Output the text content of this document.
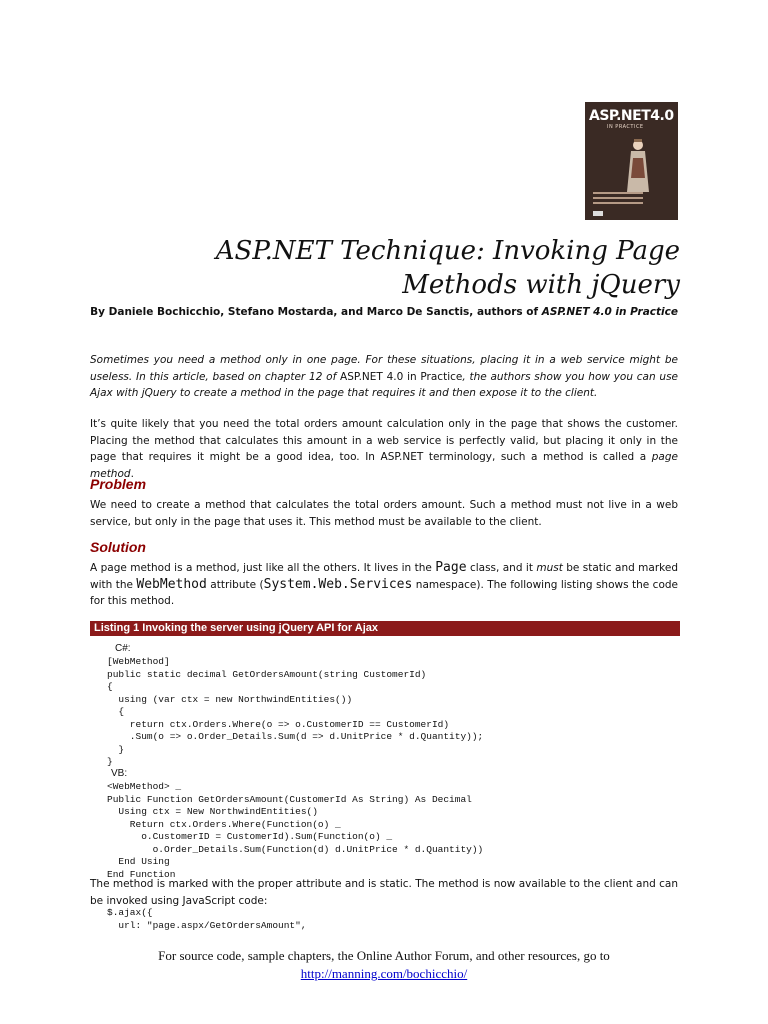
ASP.NET4.0
IN PRACTICE
ASP.NET Technique: Invoking Page Methods with jQuery
By Daniele Bochicchio, Stefano Mostarda, and Marco De Sanctis, authors of ASP.NET 4.0 in Practice
Sometimes you need a method only in one page. For these situations, placing it in a web service might be useless. In this article, based on chapter 12 of ASP.NET 4.0 in Practice, the authors show you how you can use Ajax with jQuery to create a method in the page that requires it and then expose it to the client.
It’s quite likely that you need the total orders amount calculation only in the page that shows the customer. Placing the method that calculates this amount in a web service is perfectly valid, but placing it only in the page that requires it might be a good idea, too. In ASP.NET terminology, such a method is called a page method.
Problem
We need to create a method that calculates the total orders amount. Such a method must not live in a web service, but only in the page that uses it. This method must be available to the client.
Solution
A page method is a method, just like all the others. It lives in the Page class, and it must be static and marked with the WebMethod attribute (System.Web.Services namespace). The following listing shows the code for this method.
Listing 1 Invoking the server using jQuery API for Ajax
C#:
[WebMethod]
public static decimal GetOrdersAmount(string CustomerId)
{
using (var ctx = new NorthwindEntities())
{
return ctx.Orders.Where(o => o.CustomerID == CustomerId)
.Sum(o => o.Order_Details.Sum(d => d.UnitPrice * d.Quantity));
}
}
VB:
<WebMethod> _
Public Function GetOrdersAmount(CustomerId As String) As Decimal
Using ctx = New NorthwindEntities()
Return ctx.Orders.Where(Function(o) _
o.CustomerID = CustomerId).Sum(Function(o) _
o.Order_Details.Sum(Function(d) d.UnitPrice * d.Quantity))
End Using
End Function
The method is marked with the proper attribute and is static. The method is now available to the client and can be invoked using JavaScript code:
$.ajax({
url: "page.aspx/GetOrdersAmount",
For source code, sample chapters, the Online Author Forum, and other resources, go to
http://manning.com/bochicchio/
